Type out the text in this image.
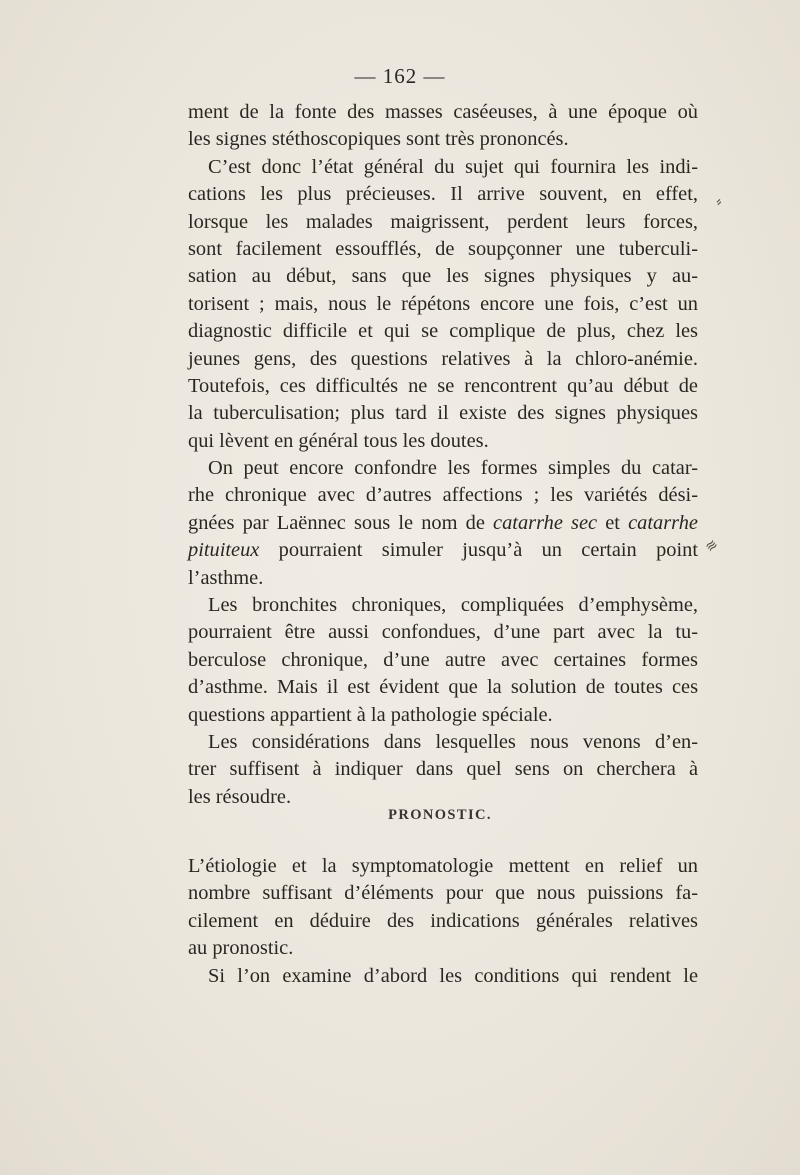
— 162 —
⸗
≋
ment de la fonte des masses caséeuses, à une époque où
les signes stéthoscopiques sont très prononcés.
C’est donc l’état général du sujet qui fournira les indi-
cations les plus précieuses. Il arrive souvent, en effet,
lorsque les malades maigrissent, perdent leurs forces,
sont facilement essoufflés, de soupçonner une tuberculi-
sation au début, sans que les signes physiques y au-
torisent ; mais, nous le répétons encore une fois, c’est un
diagnostic difficile et qui se complique de plus, chez les
jeunes gens, des questions relatives à la chloro-anémie.
Toutefois, ces difficultés ne se rencontrent qu’au début de
la tuberculisation; plus tard il existe des signes physiques
qui lèvent en général tous les doutes.
On peut encore confondre les formes simples du catar-
rhe chronique avec d’autres affections ; les variétés dési-
gnées par Laënnec sous le nom de catarrhe sec et catarrhe
pituiteux pourraient simuler jusqu’à un certain point
l’asthme.
Les bronchites chroniques, compliquées d’emphysème,
pourraient être aussi confondues, d’une part avec la tu-
berculose chronique, d’une autre avec certaines formes
d’asthme. Mais il est évident que la solution de toutes ces
questions appartient à la pathologie spéciale.
Les considérations dans lesquelles nous venons d’en-
trer suffisent à indiquer dans quel sens on cherchera à
les résoudre.
PRONOSTIC.
L’étiologie et la symptomatologie mettent en relief un
nombre suffisant d’éléments pour que nous puissions fa-
cilement en déduire des indications générales relatives
au pronostic.
Si l’on examine d’abord les conditions qui rendent le
